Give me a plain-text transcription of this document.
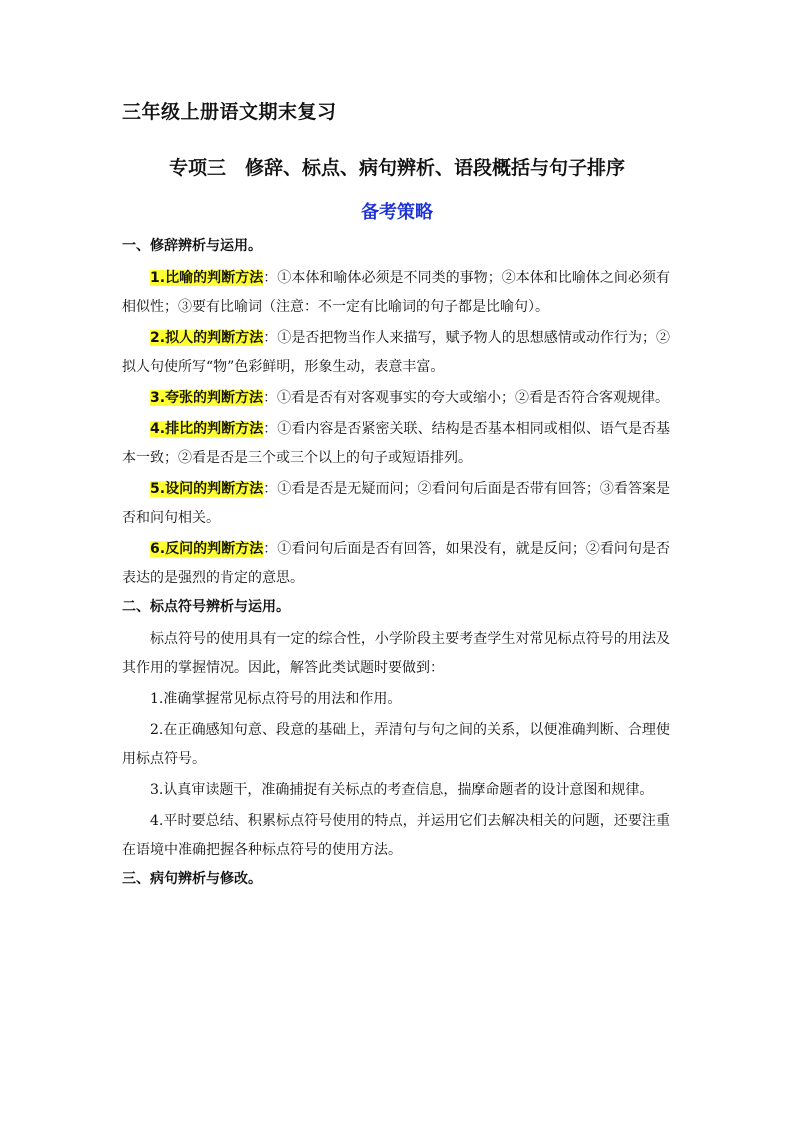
三年级上册语文期末复习
专项三　修辞、标点、病句辨析、语段概括与句子排序
备考策略
一、修辞辨析与运用。

1.比喻的判断方法：①本体和喻体必须是不同类的事物；②本体和比喻体之间必须有相似性；③要有比喻词（注意：不一定有比喻词的句子都是比喻句）。

2.拟人的判断方法：①是否把物当作人来描写，赋予物人的思想感情或动作行为；②拟人句使所写“物”色彩鲜明，形象生动，表意丰富。

3.夸张的判断方法：①看是否有对客观事实的夸大或缩小；②看是否符合客观规律。

4.排比的判断方法：①看内容是否紧密关联、结构是否基本相同或相似、语气是否基本一致；②看是否是三个或三个以上的句子或短语排列。

5.设问的判断方法：①看是否是无疑而问；②看问句后面是否带有回答；③看答案是否和问句相关。

6.反问的判断方法：①看问句后面是否有回答，如果没有，就是反问；②看问句是否表达的是强烈的肯定的意思。

二、标点符号辨析与运用。

标点符号的使用具有一定的综合性，小学阶段主要考查学生对常见标点符号的用法及其作用的掌握情况。因此，解答此类试题时要做到：

1.准确掌握常见标点符号的用法和作用。

2.在正确感知句意、段意的基础上，弄清句与句之间的关系，以便准确判断、合理使用标点符号。

3.认真审读题干，准确捕捉有关标点的考查信息，揣摩命题者的设计意图和规律。

4.平时要总结、积累标点符号使用的特点，并运用它们去解决相关的问题，还要注重在语境中准确把握各种标点符号的使用方法。

三、病句辨析与修改。
